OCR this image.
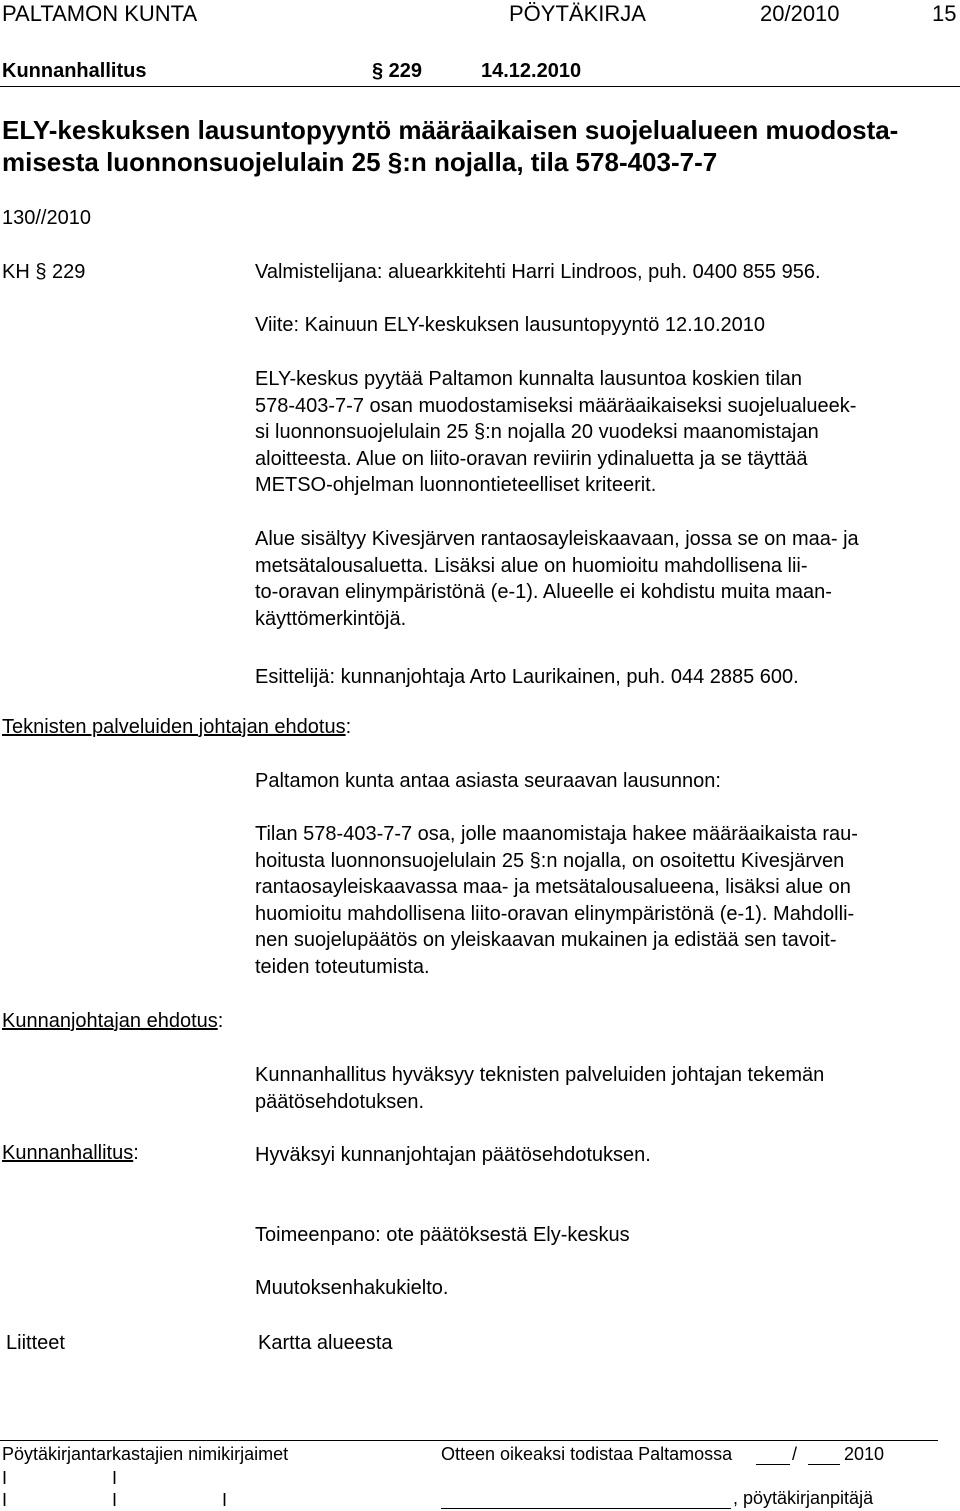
PALTAMON KUNTA	PÖYTÄKIRJA	20/2010	15
Kunnanhallitus	§ 229	14.12.2010
ELY-keskuksen lausuntopyyntö määräaikaisen suojelualueen muodosta-
misesta luonnonsuojelulain 25 §:n nojalla, tila 578-403-7-7
130//2010
KH § 229	Valmistelijana: aluearkkitehti Harri Lindroos, puh. 0400 855 956.
Viite: Kainuun ELY-keskuksen lausuntopyyntö 12.10.2010
ELY-keskus pyytää Paltamon kunnalta lausuntoa koskien tilan
578-403-7-7 osan muodostamiseksi määräaikaiseksi suojelualueek-
si luonnonsuojelulain 25 §:n nojalla 20 vuodeksi maanomistajan
aloitteesta. Alue on liito-oravan reviirin ydinaluetta ja se täyttää
METSO-ohjelman luonnontieteelliset kriteerit.
Alue sisältyy Kivesjärven rantaosayleiskaavaan, jossa se on maa- ja
metsätalousaluetta. Lisäksi alue on huomioitu mahdollisena lii-
to-oravan elinympäristönä (e-1). Alueelle ei kohdistu muita maan-
käyttömerkintöjä.
Esittelijä: kunnanjohtaja Arto Laurikainen, puh. 044 2885 600.
Teknisten palveluiden johtajan ehdotus:
Paltamon kunta antaa asiasta seuraavan lausunnon:
Tilan 578-403-7-7 osa, jolle maanomistaja hakee määräaikaista rau-
hoitusta luonnonsuojelulain 25 §:n nojalla, on osoitettu Kivesjärven
rantaosayleiskaavassa maa- ja metsätalousalueena, lisäksi alue on
huomioitu mahdollisena liito-oravan elinympäristönä (e-1). Mahdolli-
nen suojelupäätös on yleiskaavan mukainen ja edistää sen tavoit-
teiden toteutumista.
Kunnanjohtajan ehdotus:
Kunnanhallitus hyväksyy teknisten palveluiden johtajan tekemän
päätösehdotuksen.
Kunnanhallitus:	Hyväksyi kunnanjohtajan päätösehdotuksen.
Toimeenpano: ote päätöksestä Ely-keskus
Muutoksenhakukielto.
Liitteet	Kartta alueesta
Pöytäkirjantarkastajien nimikirjaimet	Otteen oikeaksi todistaa Paltamossa	/	2010
I	I
I	I	I	, pöytäkirjanpitäjä
